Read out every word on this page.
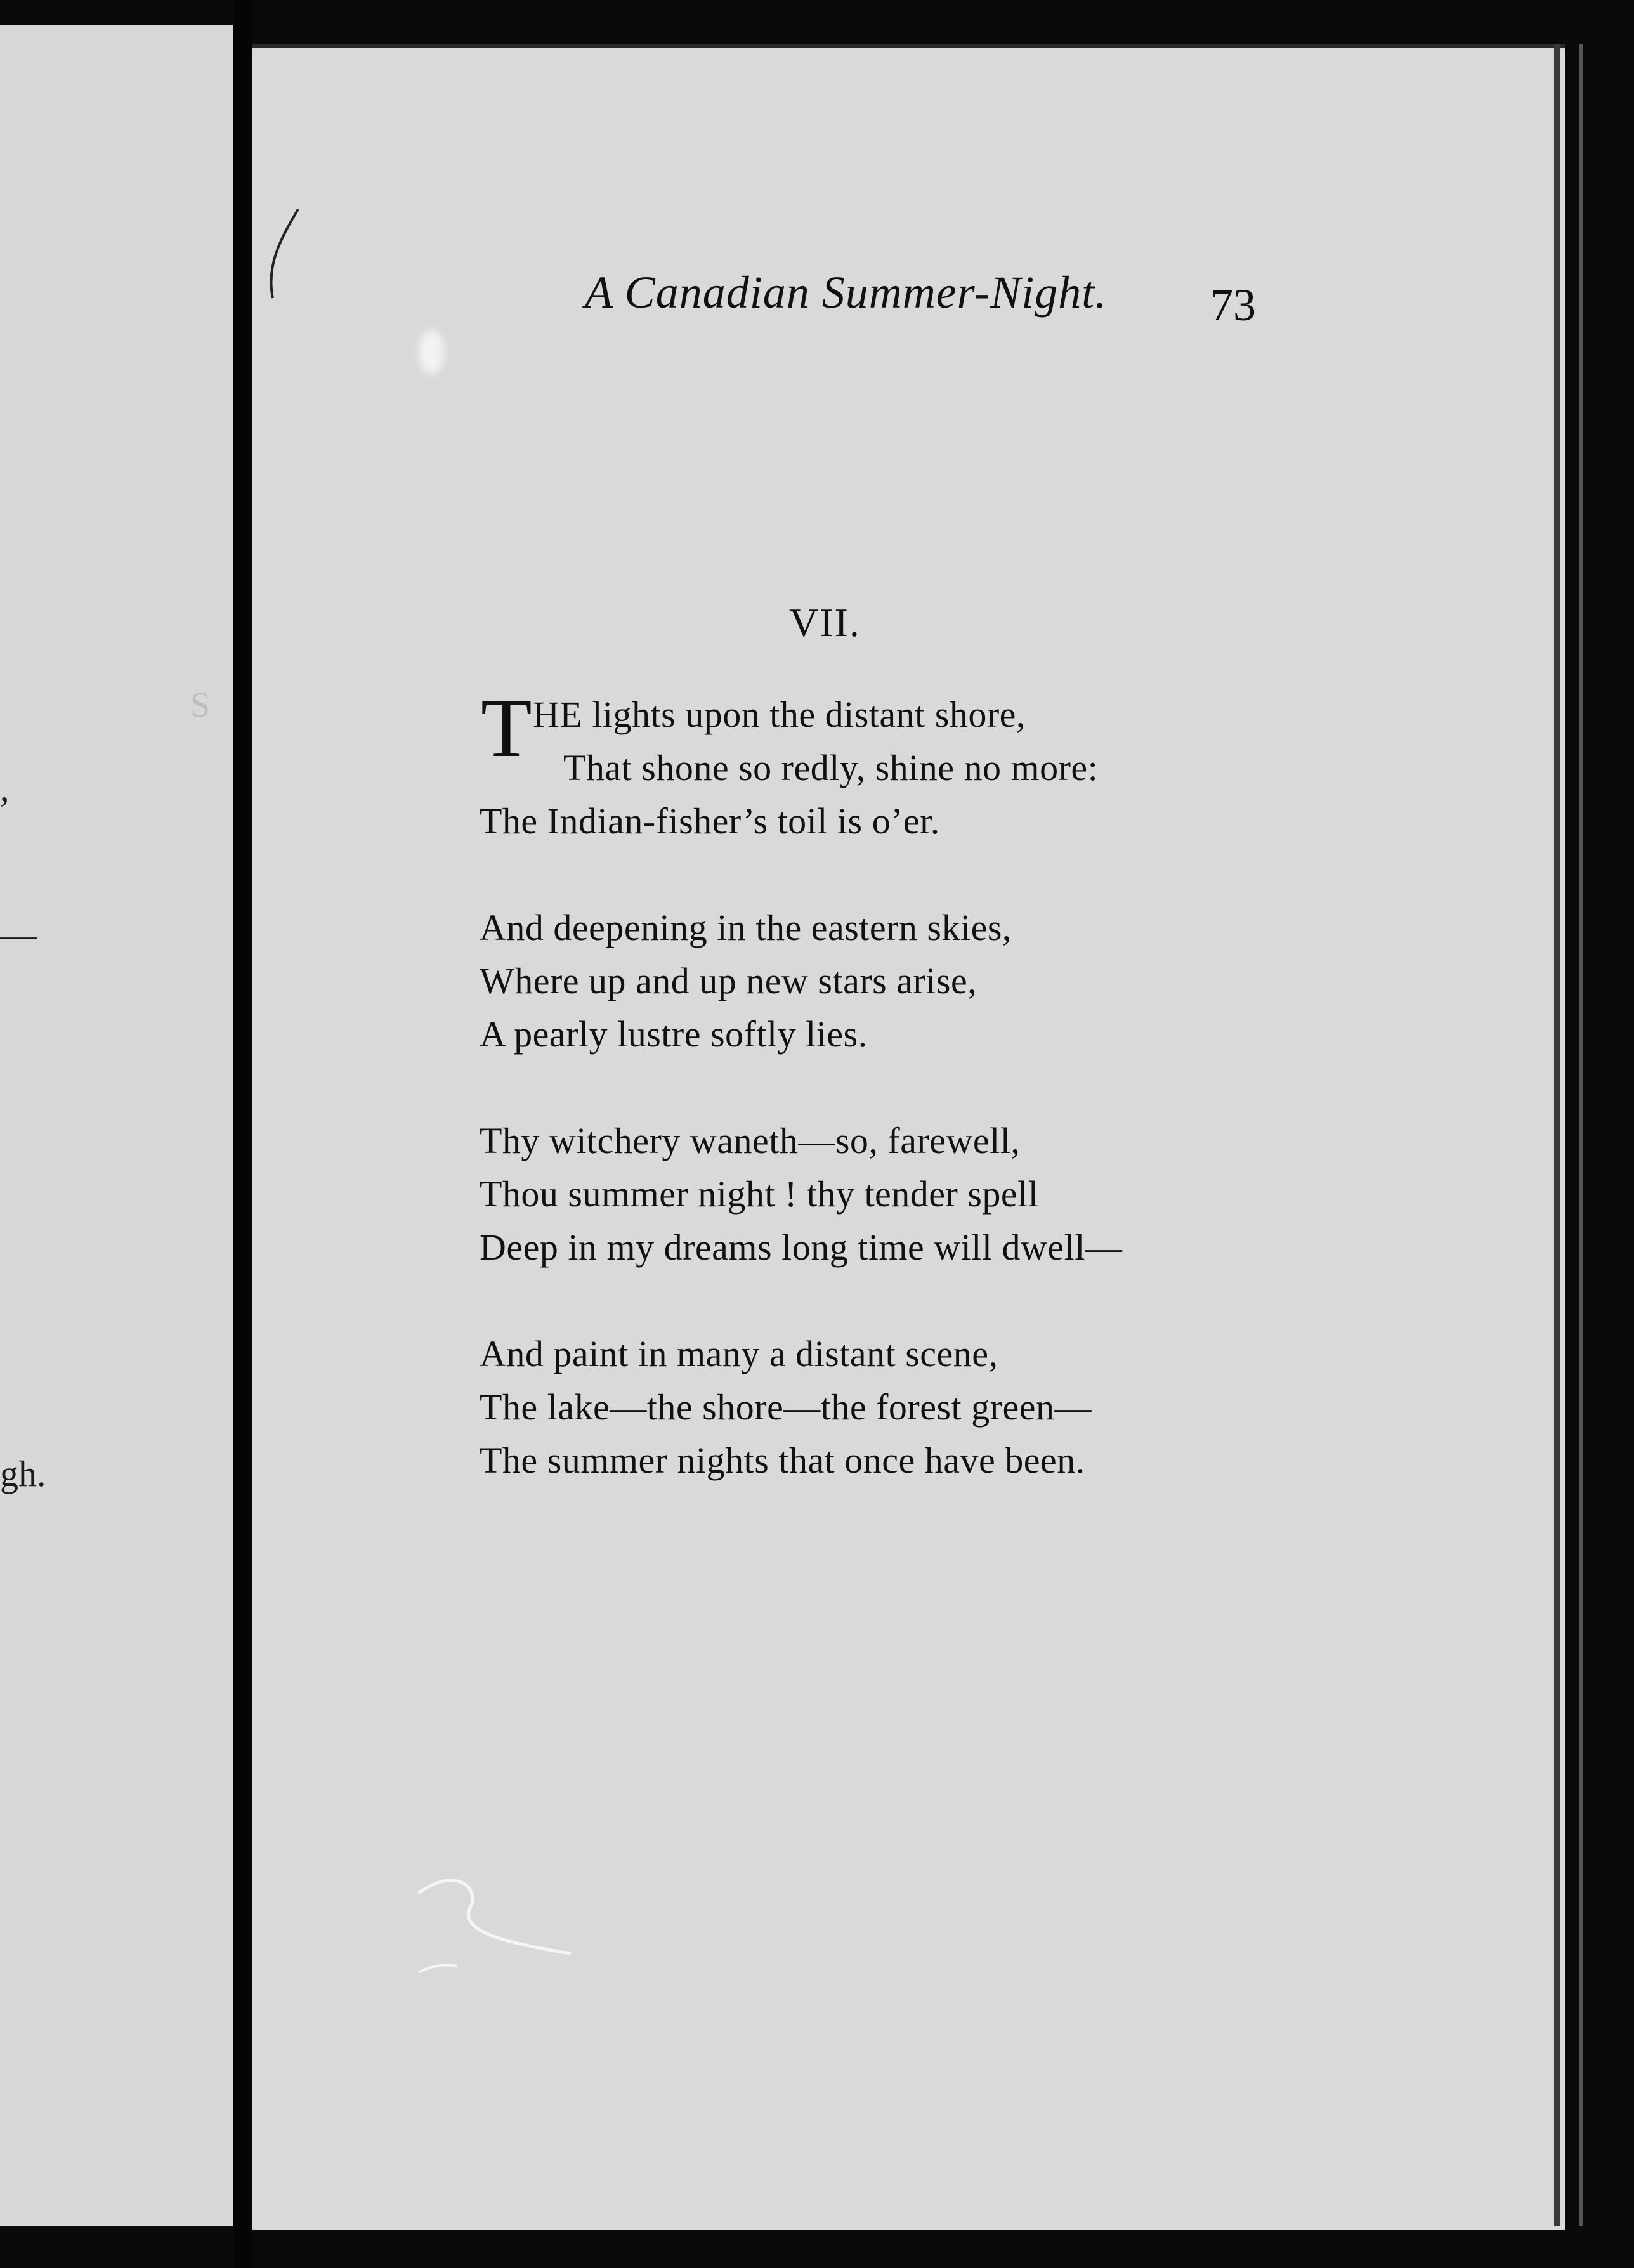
S
,
—
gh.
A Canadian Summer-Night. 73
VII.
T HE lights upon the distant shore,
That shone so redly, shine no more:
The Indian-fisher’s toil is o’er.
And deepening in the eastern skies,
Where up and up new stars arise,
A pearly lustre softly lies.
Thy witchery waneth—so, farewell,
Thou summer night ! thy tender spell
Deep in my dreams long time will dwell—
And paint in many a distant scene,
The lake—the shore—the forest green—
The summer nights that once have been.
